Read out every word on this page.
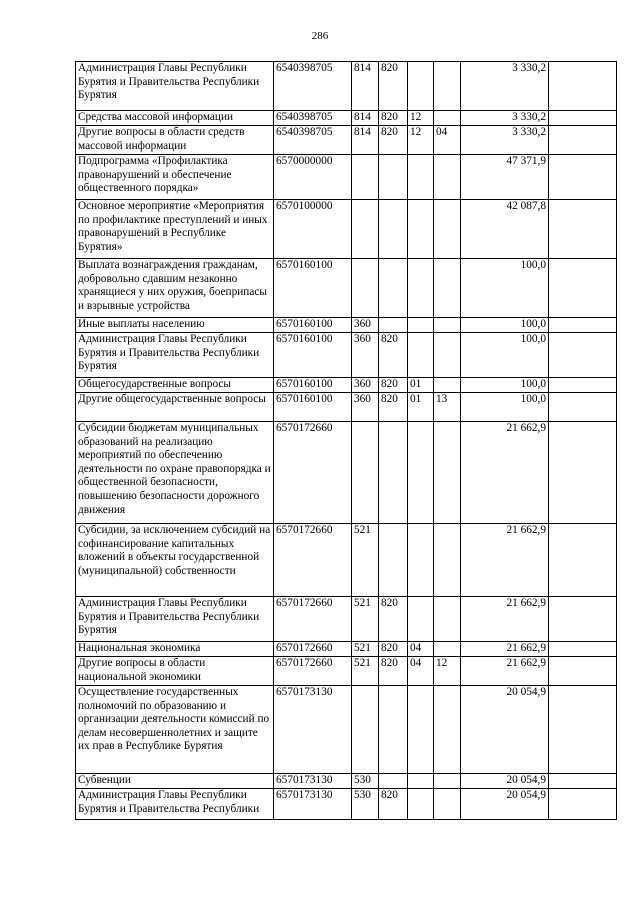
286
Администрация Главы Республики Бурятия и Правительства Республики Бурятия	6540398705	814	820			3 330,2	
Средства массовой информации	6540398705	814	820	12		3 330,2	
Другие вопросы в области средств массовой информации	6540398705	814	820	12	04	3 330,2	
Подпрограмма «Профилактика правонарушений и обеспечение общественного порядка»	6570000000					47 371,9	
Основное мероприятие «Мероприятия по профилактике преступлений и иных правонарушений в Республике Бурятия»	6570100000					42 087,8	
Выплата вознаграждения гражданам, добровольно сдавшим незаконно хранящиеся у них оружия, боеприпасы и взрывные устройства	6570160100					100,0	
Иные выплаты населению	6570160100	360				100,0	
Администрация Главы Республики Бурятия и Правительства Республики Бурятия	6570160100	360	820			100,0	
Общегосударственные вопросы	6570160100	360	820	01		100,0	
Другие общегосударственные вопросы	6570160100	360	820	01	13	100,0	
Субсидии бюджетам муниципальных образований на реализацию мероприятий по обеспечению деятельности по охране правопорядка и общественной безопасности, повышению безопасности дорожного движения	6570172660					21 662,9	
Субсидии, за исключением субсидий на софинансирование капитальных вложений в объекты государственной (муниципальной) собственности	6570172660	521				21 662,9	
Администрация Главы Республики Бурятия и Правительства Республики Бурятия	6570172660	521	820			21 662,9	
Национальная экономика	6570172660	521	820	04		21 662,9	
Другие вопросы в области национальной экономики	6570172660	521	820	04	12	21 662,9	
Осуществление государственных полномочий по образованию и организации деятельности комиссий по делам несовершеннолетних и защите их прав в Республике Бурятия	6570173130					20 054,9	
Субвенции	6570173130	530				20 054,9	
Администрация Главы Республики Бурятия и Правительства Республики	6570173130	530	820			20 054,9	
